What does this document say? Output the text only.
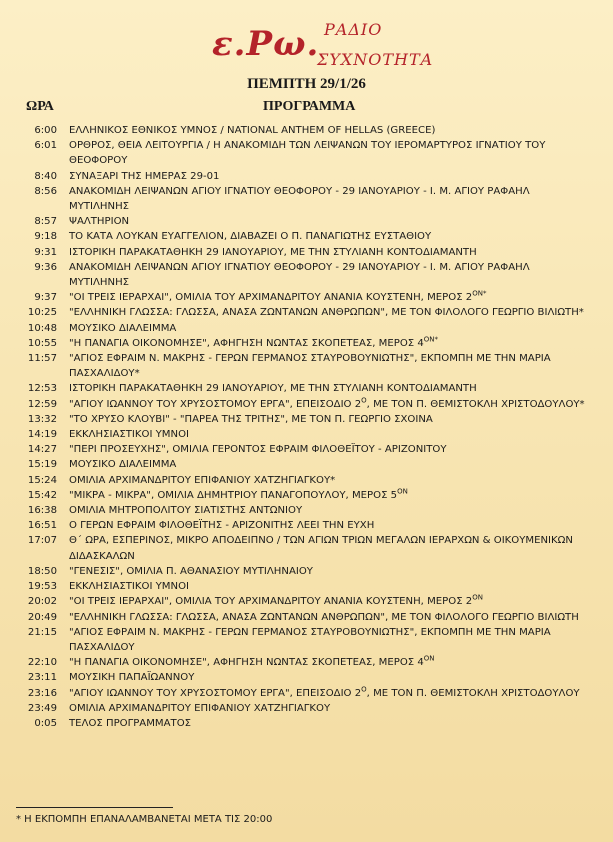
ε.Ρω. ΡΑΔΙΟ
ΣΥΧΝΟΤΗΤΑ
ΠΕΜΠΤΗ 29/1/26
ΩΡΑ	ΠΡΟΓΡΑΜΜΑ
6:00 ΕΛΛΗΝΙΚΟΣ ΕΘΝΙΚΟΣ ΥΜΝΟΣ / NATIONAL ANTHEM OF HELLAS (GREECE)
6:01 ΟΡΘΡΟΣ, ΘΕΙΑ ΛΕΙΤΟΥΡΓΙΑ / Η ΑΝΑΚΟΜΙΔΗ ΤΩΝ ΛΕΙΨΑΝΩΝ ΤΟΥ ΙΕΡΟΜΑΡΤΥΡΟΣ ΙΓΝΑΤΙΟΥ ΤΟΥ ΘΕΟΦΟΡΟΥ
8:40 ΣΥΝΑΞΑΡΙ ΤΗΣ ΗΜΕΡΑΣ 29-01
8:56 ΑΝΑΚΟΜΙΔΗ ΛΕΙΨΑΝΩΝ ΑΓΙΟΥ ΙΓΝΑΤΙΟΥ ΘΕΟΦΟΡΟΥ - 29 ΙΑΝΟΥΑΡΙΟΥ - Ι. Μ. ΑΓΙΟΥ ΡΑΦΑΗΛ ΜΥΤΙΛΗΝΗΣ
8:57 ΨΑΛΤΗΡΙΟΝ
9:18 ΤΟ ΚΑΤΑ ΛΟΥΚΑΝ ΕΥΑΓΓΕΛΙΟΝ, ΔΙΑΒΑΖΕΙ Ο Π. ΠΑΝΑΓΙΩΤΗΣ ΕΥΣΤΑΘΙΟΥ
9:31 ΙΣΤΟΡΙΚΗ ΠΑΡΑΚΑΤΑΘΗΚΗ 29 ΙΑΝΟΥΑΡΙΟΥ, ΜΕ ΤΗΝ ΣΤΥΛΙΑΝΗ ΚΟΝΤΟΔΙΑΜΑΝΤΗ
9:36 ΑΝΑΚΟΜΙΔΗ ΛΕΙΨΑΝΩΝ ΑΓΙΟΥ ΙΓΝΑΤΙΟΥ ΘΕΟΦΟΡΟΥ - 29 ΙΑΝΟΥΑΡΙΟΥ - Ι. Μ. ΑΓΙΟΥ ΡΑΦΑΗΛ ΜΥΤΙΛΗΝΗΣ
9:37 "ΟΙ ΤΡΕΙΣ ΙΕΡΑΡΧΑΙ", ΟΜΙΛΙΑ ΤΟΥ ΑΡΧΙΜΑΝΔΡΙΤΟΥ ΑΝΑΝΙΑ ΚΟΥΣΤΕΝΗ, ΜΕΡΟΣ $2^{ON*}$
10:25 "ΕΛΛΗΝΙΚΗ ΓΛΩΣΣΑ: ΓΛΩΣΣΑ, ΑΝΑΣΑ ΖΩΝΤΑΝΩΝ ΑΝΘΡΩΠΩΝ", ΜΕ ΤΟΝ ΦΙΛΟΛΟΓΟ ΓΕΩΡΓΙΟ ΒΙΛΙΩΤΗ*
10:48 ΜΟΥΣΙΚΟ ΔΙΑΛΕΙΜΜΑ
10:55 "Η ΠΑΝΑΓΙΑ ΟΙΚΟΝΟΜΗΣΕ", ΑΦΗΓΗΣΗ ΝΩΝΤΑΣ ΣΚΟΠΕΤΕΑΣ, ΜΕΡΟΣ $4^{ON*}$
11:57 "ΑΓΙΟΣ ΕΦΡΑΙΜ Ν. ΜΑΚΡΗΣ - ΓΕΡΩΝ ΓΕΡΜΑΝΟΣ ΣΤΑΥΡΟΒΟΥΝΙΩΤΗΣ", ΕΚΠΟΜΠΗ ΜΕ ΤΗΝ ΜΑΡΙΑ ΠΑΣΧΑΛΙΔΟΥ*
12:53 ΙΣΤΟΡΙΚΗ ΠΑΡΑΚΑΤΑΘΗΚΗ 29 ΙΑΝΟΥΑΡΙΟΥ, ΜΕ ΤΗΝ ΣΤΥΛΙΑΝΗ ΚΟΝΤΟΔΙΑΜΑΝΤΗ
12:59 "ΑΓΙΟΥ ΙΩΑΝΝΟΥ ΤΟΥ ΧΡΥΣΟΣΤΟΜΟΥ ΕΡΓΑ", ΕΠΕΙΣΟΔΙΟ $2^O$, ΜΕ ΤΟΝ Π. ΘΕΜΙΣΤΟΚΛΗ ΧΡΙΣΤΟΔΟΥΛΟΥ*
13:32 "ΤΟ ΧΡΥΣΟ ΚΛΟΥΒΙ" - "ΠΑΡΕΑ ΤΗΣ ΤΡΙΤΗΣ", ΜΕ ΤΟΝ Π. ΓΕΩΡΓΙΟ ΣΧΟΙΝΑ
14:19 ΕΚΚΛΗΣΙΑΣΤΙΚΟΙ ΥΜΝΟΙ
14:27 "ΠΕΡΙ ΠΡΟΣΕΥΧΗΣ", ΟΜΙΛΙΑ ΓΕΡΟΝΤΟΣ ΕΦΡΑΙΜ ΦΙΛΟΘΕΪΤΟΥ - ΑΡΙΖΟΝΙΤΟΥ
15:19 ΜΟΥΣΙΚΟ ΔΙΑΛΕΙΜΜΑ
15:24 ΟΜΙΛΙΑ ΑΡΧΙΜΑΝΔΡΙΤΟΥ ΕΠΙΦΑΝΙΟΥ ΧΑΤΖΗΓΙΑΓΚΟΥ*
15:42 "ΜΙΚΡΑ - ΜΙΚΡΑ", ΟΜΙΛΙΑ ΔΗΜΗΤΡΙΟΥ ΠΑΝΑΓΟΠΟΥΛΟΥ, ΜΕΡΟΣ $5^{ON}$
16:38 ΟΜΙΛΙΑ ΜΗΤΡΟΠΟΛΙΤΟΥ ΣΙΑΤΙΣΤΗΣ ΑΝΤΩΝΙΟΥ
16:51 Ο ΓΕΡΩΝ ΕΦΡΑΙΜ ΦΙΛΟΘΕΪΤΗΣ - ΑΡΙΖΟΝΙΤΗΣ ΛΕΕΙ ΤΗΝ ΕΥΧΗ
17:07 Θ΄ ΩΡΑ, ΕΣΠΕΡΙΝΟΣ, ΜΙΚΡΟ ΑΠΟΔΕΙΠΝΟ / ΤΩΝ ΑΓΙΩΝ ΤΡΙΩΝ ΜΕΓΑΛΩΝ ΙΕΡΑΡΧΩΝ & ΟΙΚΟΥΜΕΝΙΚΩΝ ΔΙΔΑΣΚΑΛΩΝ
18:50 "ΓΕΝΕΣΙΣ", ΟΜΙΛΙΑ Π. ΑΘΑΝΑΣΙΟΥ ΜΥΤΙΛΗΝΑΙΟΥ
19:53 ΕΚΚΛΗΣΙΑΣΤΙΚΟΙ ΥΜΝΟΙ
20:02 "ΟΙ ΤΡΕΙΣ ΙΕΡΑΡΧΑΙ", ΟΜΙΛΙΑ ΤΟΥ ΑΡΧΙΜΑΝΔΡΙΤΟΥ ΑΝΑΝΙΑ ΚΟΥΣΤΕΝΗ, ΜΕΡΟΣ $2^{ON}$
20:49 "ΕΛΛΗΝΙΚΗ ΓΛΩΣΣΑ: ΓΛΩΣΣΑ, ΑΝΑΣΑ ΖΩΝΤΑΝΩΝ ΑΝΘΡΩΠΩΝ", ΜΕ ΤΟΝ ΦΙΛΟΛΟΓΟ ΓΕΩΡΓΙΟ ΒΙΛΙΩΤΗ
21:15 "ΑΓΙΟΣ ΕΦΡΑΙΜ Ν. ΜΑΚΡΗΣ - ΓΕΡΩΝ ΓΕΡΜΑΝΟΣ ΣΤΑΥΡΟΒΟΥΝΙΩΤΗΣ", ΕΚΠΟΜΠΗ ΜΕ ΤΗΝ ΜΑΡΙΑ ΠΑΣΧΑΛΙΔΟΥ
22:10 "Η ΠΑΝΑΓΙΑ ΟΙΚΟΝΟΜΗΣΕ", ΑΦΗΓΗΣΗ ΝΩΝΤΑΣ ΣΚΟΠΕΤΕΑΣ, ΜΕΡΟΣ $4^{ON}$
23:11 ΜΟΥΣΙΚΗ ΠΑΠΑΪΩΑΝΝΟΥ
23:16 "ΑΓΙΟΥ ΙΩΑΝΝΟΥ ΤΟΥ ΧΡΥΣΟΣΤΟΜΟΥ ΕΡΓΑ", ΕΠΕΙΣΟΔΙΟ $2^O$, ΜΕ ΤΟΝ Π. ΘΕΜΙΣΤΟΚΛΗ ΧΡΙΣΤΟΔΟΥΛΟΥ
23:49 ΟΜΙΛΙΑ ΑΡΧΙΜΑΝΔΡΙΤΟΥ ΕΠΙΦΑΝΙΟΥ ΧΑΤΖΗΓΙΑΓΚΟΥ
0:05 ΤΕΛΟΣ ΠΡΟΓΡΑΜΜΑΤΟΣ
* Η ΕΚΠΟΜΠΗ ΕΠΑΝΑΛΑΜΒΑΝΕΤΑΙ ΜΕΤΑ ΤΙΣ 20:00
